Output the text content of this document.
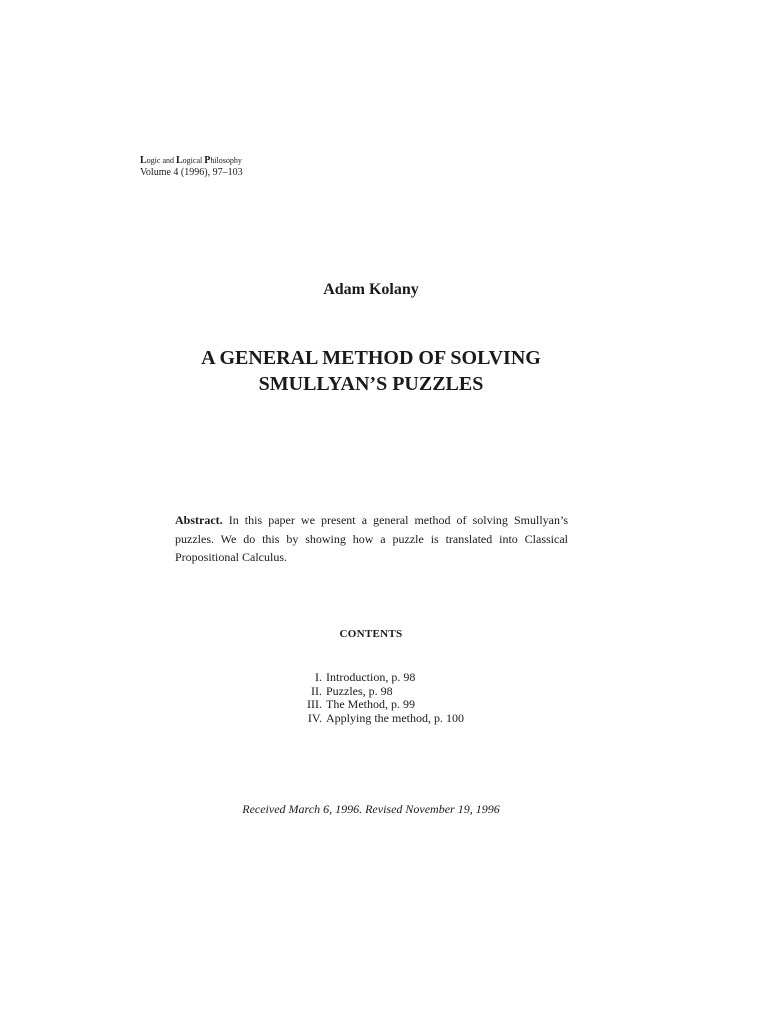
Logic and Logical Philosophy
Volume 4 (1996), 97–103
Adam Kolany
A GENERAL METHOD OF SOLVING
SMULLYAN’S PUZZLES
Abstract. In this paper we present a general method of solving Smullyan’s puzzles. We do this by showing how a puzzle is translated into Classical Propositional Calculus.
CONTENTS
I. Introduction, p. 98
II. Puzzles, p. 98
III. The Method, p. 99
IV. Applying the method, p. 100
Received March 6, 1996. Revised November 19, 1996
